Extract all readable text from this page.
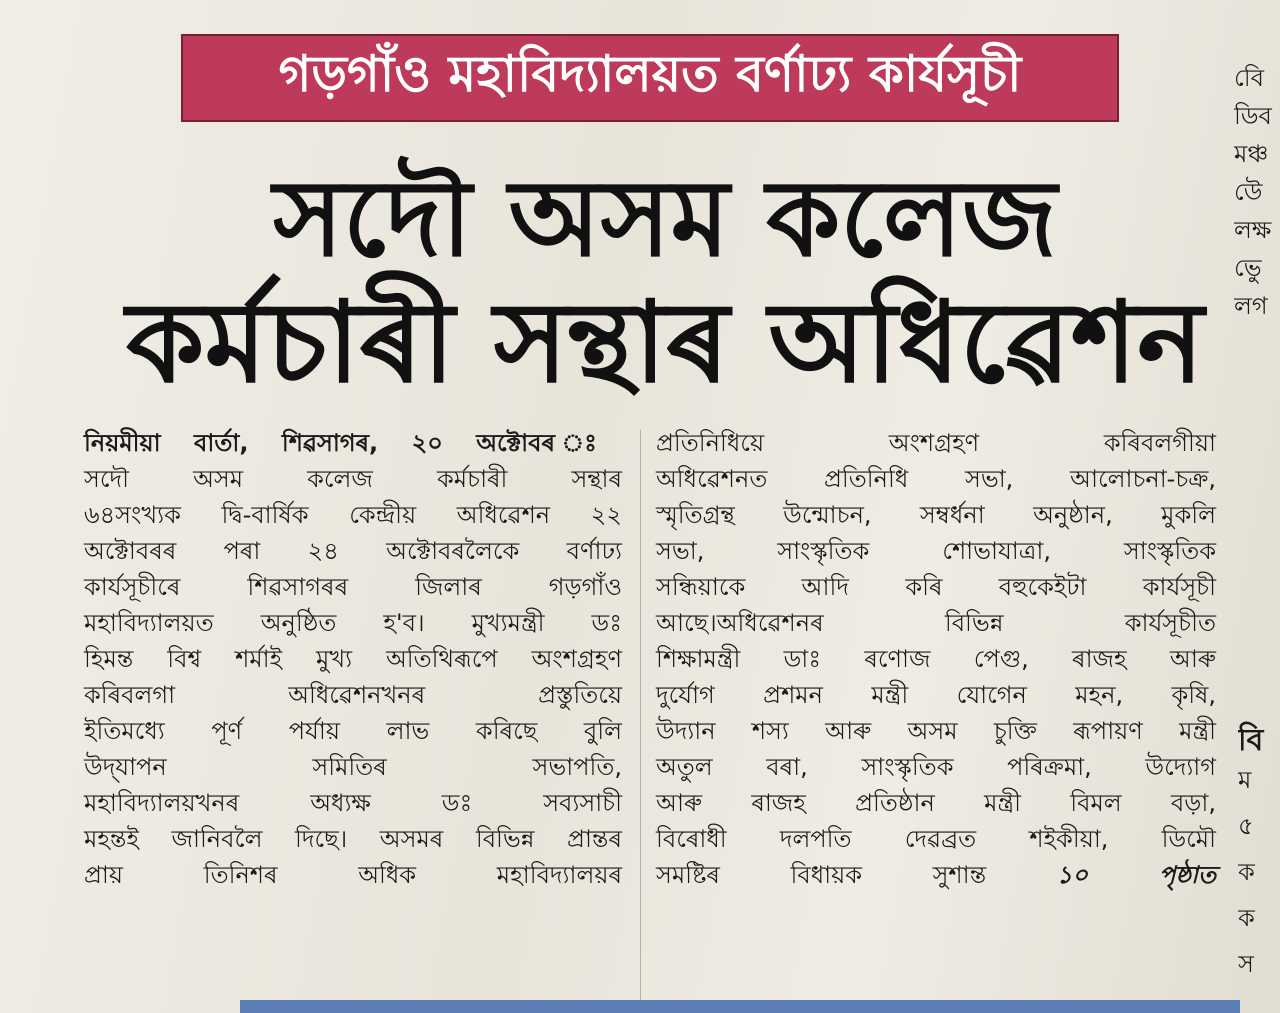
গড়গাঁও মহাবিদ্যালয়ত বৰ্ণাঢ্য কাৰ্যসূচী
সদৌ অসম কলেজ
কৰ্মচাৰী সন্থাৰ অধিৱেশন
নিয়মীয়া বাৰ্তা, শিৱসাগৰ, ২০ অক্টোবৰ ঃ
সদৌ অসম কলেজ কৰ্মচাৰী সন্থাৰ
৬৪সংখ্যক দ্বি-বাৰ্ষিক কেন্দ্ৰীয় অধিৱেশন ২২
অক্টোবৰৰ পৰা ২৪ অক্টোবৰলৈকে বৰ্ণাঢ্য
কাৰ্যসূচীৰে শিৱসাগৰৰ জিলাৰ গড়গাঁও
মহাবিদ্যালয়ত অনুষ্ঠিত হ'ব। মুখ্যমন্ত্ৰী ডঃ
হিমন্ত বিশ্ব শৰ্মাই মুখ্য অতিথিৰূপে অংশগ্ৰহণ
কৰিবলগা অধিৱেশনখনৰ প্ৰস্তুতিয়ে
ইতিমধ্যে পূৰ্ণ পৰ্যায় লাভ কৰিছে বুলি
উদ্‌যাপন সমিতিৰ সভাপতি,
মহাবিদ্যালয়খনৰ অধ্যক্ষ ডঃ সব্যসাচী
মহন্তই জানিবলৈ দিছে। অসমৰ বিভিন্ন প্ৰান্তৰ
প্ৰায় তিনিশৰ অধিক মহাবিদ্যালয়ৰ
প্ৰতিনিধিয়ে অংশগ্ৰহণ কৰিবলগীয়া
অধিৱেশনত প্ৰতিনিধি সভা, আলোচনা-চক্ৰ,
স্মৃতিগ্ৰন্থ উন্মোচন, সম্বৰ্ধনা অনুষ্ঠান, মুকলি
সভা, সাংস্কৃতিক শোভাযাত্ৰা, সাংস্কৃতিক
সন্ধিয়াকে আদি কৰি বহুকেইটা কাৰ্যসূচী
আছে।অধিৱেশনৰ বিভিন্ন কাৰ্যসূচীত
শিক্ষামন্ত্ৰী ডাঃ ৰণোজ পেগু, ৰাজহ আৰু
দুৰ্যোগ প্ৰশমন মন্ত্ৰী যোগেন মহন, কৃষি,
উদ্যান শস্য আৰু অসম চুক্তি ৰূপায়ণ মন্ত্ৰী
অতুল বৰা, সাংস্কৃতিক পৰিক্ৰমা, উদ্যোগ
আৰু ৰাজহ প্ৰতিষ্ঠান মন্ত্ৰী বিমল বড়া,
বিৰোধী দলপতি দেৱব্ৰত শইকীয়া, ডিমৌ
সমষ্টিৰ বিধায়ক সুশান্ত	১০ পৃষ্ঠাত
বিে
ডিব
মঞ্চ
উে
লক্ষ
ভুে
লগ
বি
ম
৫
ক
ক
স
